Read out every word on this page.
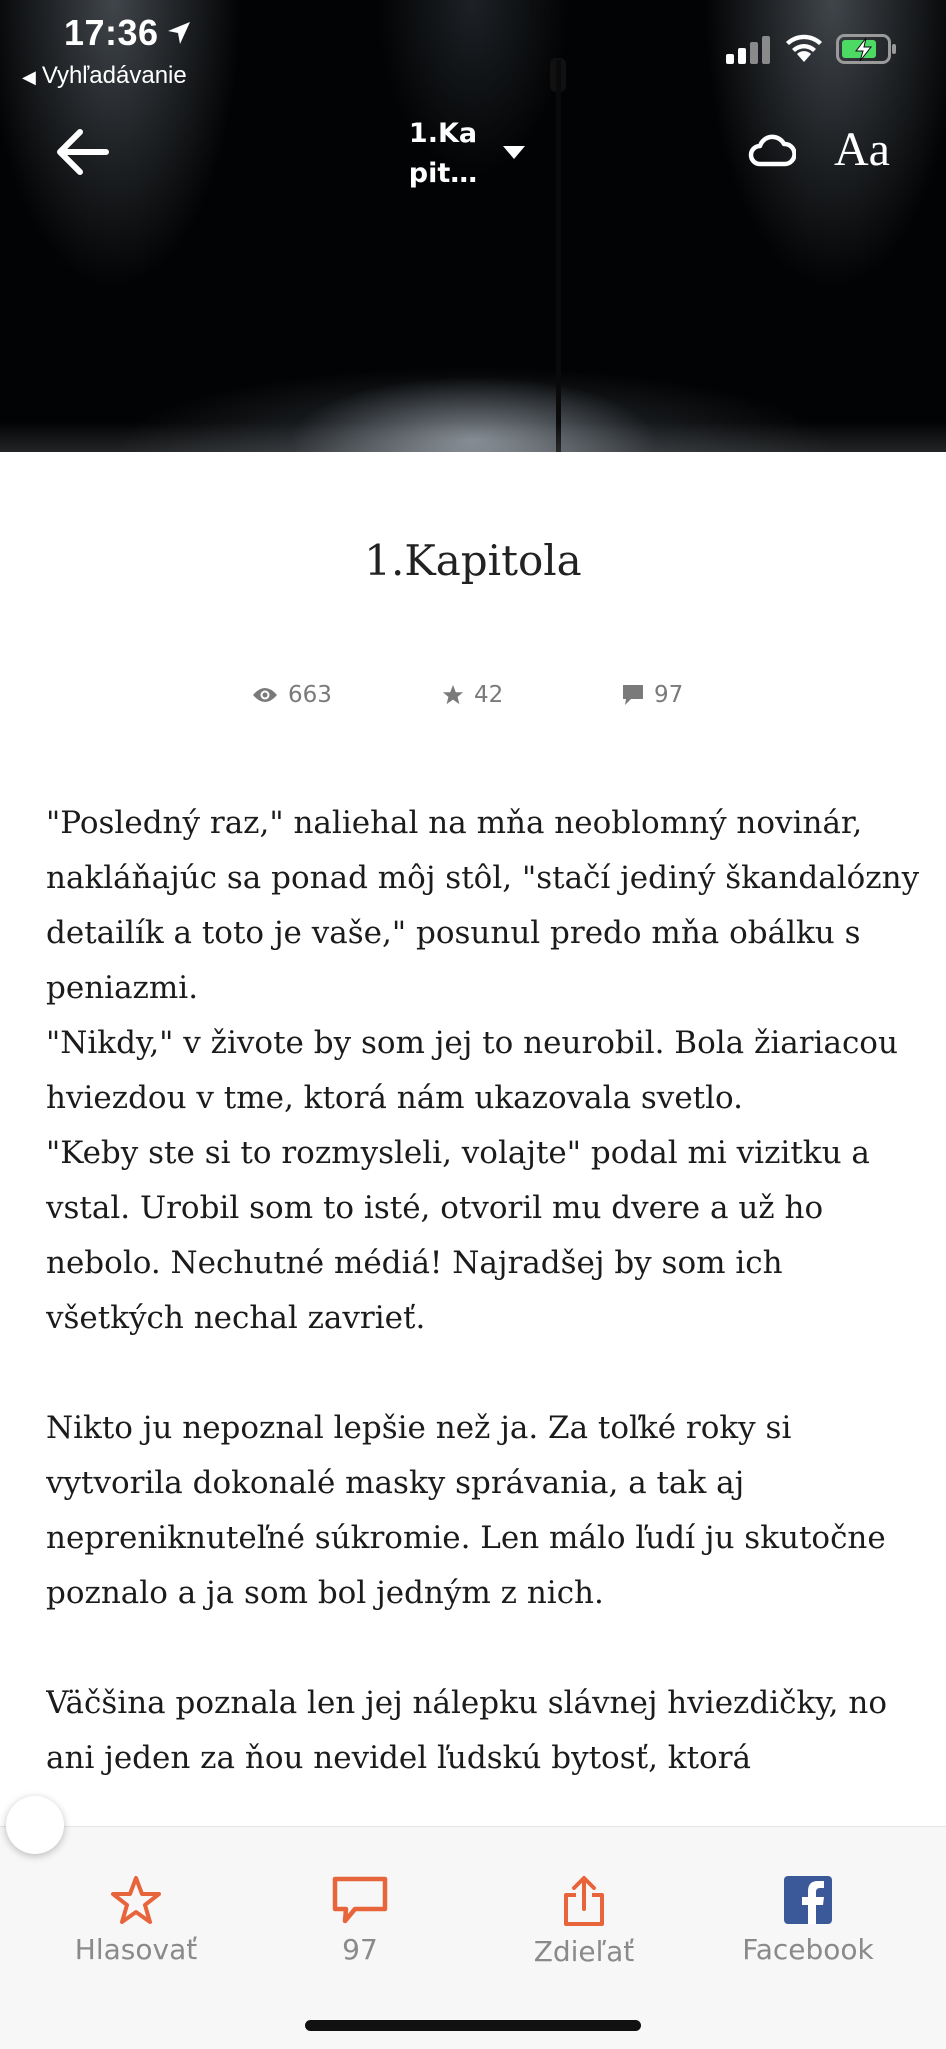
17:36
◀ Vyhľadávanie
1.Ka
pit…	Aa
1.Kapitola
663	42	97

"Posledný raz," naliehal na mňa neoblomný novinár, nakláňajúc sa ponad môj stôl, "stačí jediný škandalózny detailík a toto je vaše," posunul predo mňa obálku s peniazmi.

"Nikdy," v živote by som jej to neurobil. Bola žiariacou hviezdou v tme, ktorá nám ukazovala svetlo.

"Keby ste si to rozmysleli, volajte" podal mi vizitku a vstal. Urobil som to isté, otvoril mu dvere a už ho nebolo. Nechutné médiá! Najradšej by som ich všetkých nechal zavrieť.

Nikto ju nepoznal lepšie než ja. Za toľké roky si vytvorila dokonalé masky správania, a tak aj nepreniknuteľné súkromie. Len málo ľudí ju skutočne poznalo a ja som bol jedným z nich.

Väčšina poznala len jej nálepku slávnej hviezdičky, no ani jeden za ňou nevidel ľudskú bytosť, ktorá

Hlasovať	97	Zdieľať	Facebook
